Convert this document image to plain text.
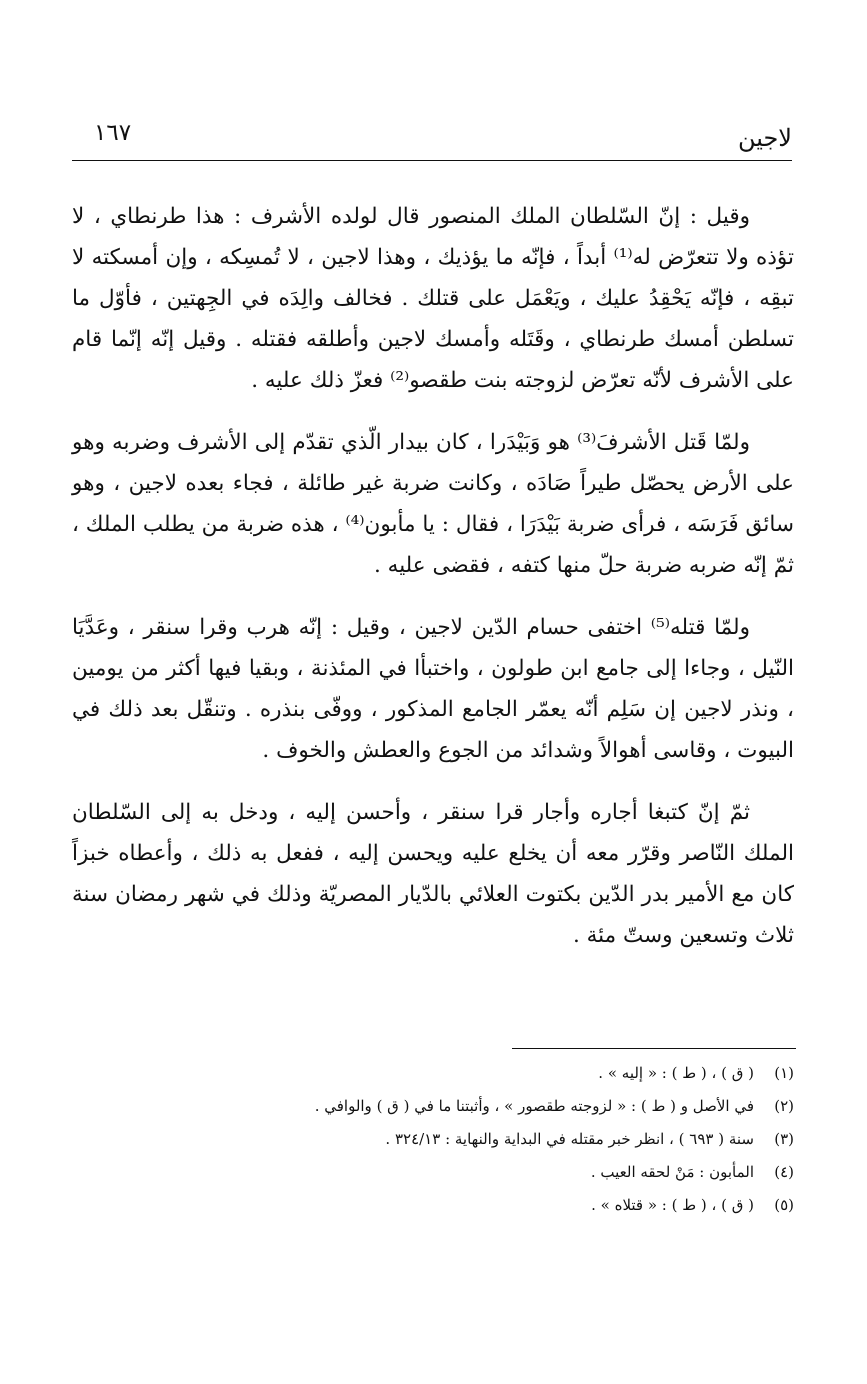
لاجين
١٦٧

وقيل : إنّ السّلطان الملك المنصور قال لولده الأشرف : هذا طرنطاي ، لا تؤذه ولا تتعرّض له⁽¹⁾ أبداً ، فإنّه ما يؤذيك ، وهذا لاجين ، لا تُمسِكه ، وإن أمسكته لا تبقِه ، فإنّه يَحْقِدُ عليك ، ويَعْمَل على قتلك . فخالف والِدَه في الجِهتين ، فأوّل ما تسلطن أمسك طرنطاي ، وقَتَله وأمسك لاجين وأطلقه فقتله . وقيل إنّه إنّما قام على الأشرف لأنّه تعرّض لزوجته بنت طقصو⁽²⁾ فعزّ ذلك عليه .

ولمّا قَتل الأشرفَ⁽³⁾ هو وَبَيْدَرا ، كان بيدار الّذي تقدّم إلى الأشرف وضربه وهو على الأرض يحصّل طيراً صَادَه ، وكانت ضربة غير طائلة ، فجاء بعده لاجين ، وهو سائق فَرَسَه ، فرأى ضربة بَيْدَرَا ، فقال : يا مأبون⁽⁴⁾ ، هذه ضربة من يطلب الملك ، ثمّ إنّه ضربه ضربة حلّ منها كتفه ، فقضى عليه .

ولمّا قتله⁽⁵⁾ اختفى حسام الدّين لاجين ، وقيل : إنّه هرب وقرا سنقر ، وعَدَّيَا النّيل ، وجاءا إلى جامع ابن طولون ، واختبأا في المئذنة ، وبقيا فيها أكثر من يومين ، ونذر لاجين إن سَلِم أنّه يعمّر الجامع المذكور ، ووفّى بنذره . وتنقّل بعد ذلك في البيوت ، وقاسى أهوالاً وشدائد من الجوع والعطش والخوف .

ثمّ إنّ كتبغا أجاره وأجار قرا سنقر ، وأحسن إليه ، ودخل به إلى السّلطان الملك النّاصر وقرّر معه أن يخلع عليه ويحسن إليه ، ففعل به ذلك ، وأعطاه خبزاً كان مع الأمير بدر الدّين بكتوت العلائي بالدّيار المصريّة وذلك في شهر رمضان سنة ثلاث وتسعين وستّ مئة .

(١)
( ق ) ، ( ط ) : « إليه » .
(٢)
في الأصل و ( ط ) : « لزوجته طقصور » ، وأثبتنا ما في ( ق ) والوافي .
(٣)
سنة ( ٦٩٣ ) ، انظر خبر مقتله في البداية والنهاية : ٣٢٤/١٣ .
(٤)
المأبون : مَنْ لحقه العيب .
(٥)
( ق ) ، ( ط ) : « قتلاه » .
